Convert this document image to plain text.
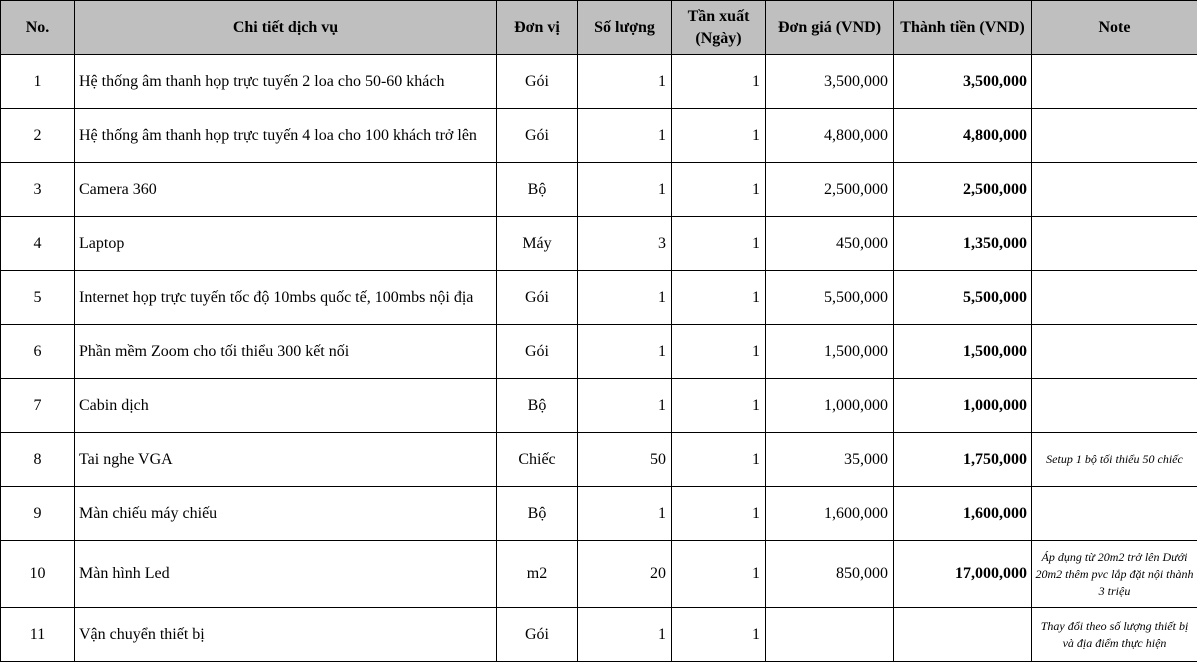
No.	Chi tiết dịch vụ	Đơn vị	Số lượng	Tần xuất (Ngày)	Đơn giá (VND)	Thành tiền (VND)	Note
1	Hệ thống âm thanh họp trực tuyến 2 loa cho 50-60 khách	Gói	1	1	3,500,000	3,500,000	
2	Hệ thống âm thanh họp trực tuyến 4 loa cho 100 khách trở lên	Gói	1	1	4,800,000	4,800,000	
3	Camera 360	Bộ	1	1	2,500,000	2,500,000	
4	Laptop	Máy	3	1	450,000	1,350,000	
5	Internet họp trực tuyến tốc độ 10mbs quốc tế, 100mbs nội địa	Gói	1	1	5,500,000	5,500,000	
6	Phần mềm Zoom cho tối thiểu 300 kết nối	Gói	1	1	1,500,000	1,500,000	
7	Cabin dịch	Bộ	1	1	1,000,000	1,000,000	
8	Tai nghe VGA	Chiếc	50	1	35,000	1,750,000	Setup 1 bộ tối thiểu 50 chiếc
9	Màn chiếu máy chiếu	Bộ	1	1	1,600,000	1,600,000	
10	Màn hình Led	m2	20	1	850,000	17,000,000	Áp dụng từ 20m2 trở lên Dưới 20m2 thêm pvc lắp đặt nội thành 3 triệu
11	Vận chuyển thiết bị	Gói	1	1			Thay đổi theo số lượng thiết bị và địa điểm thực hiện
